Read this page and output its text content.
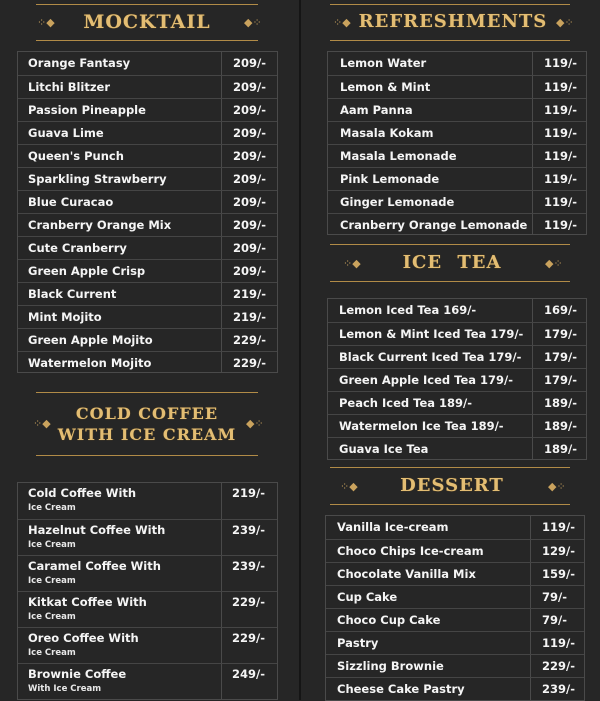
⁘◆	◆⁘
MOCKTAIL
Orange Fantasy	209/-
Litchi Blitzer	209/-
Passion Pineapple	209/-
Guava Lime	209/-
Queen's Punch	209/-
Sparkling Strawberry	209/-
Blue Curacao	209/-
Cranberry Orange Mix	209/-
Cute Cranberry	209/-
Green Apple Crisp	209/-
Black Current	219/-
Mint Mojito	219/-
Green Apple Mojito	229/-
Watermelon Mojito	229/-
⁘◆	◆⁘
COLD COFFEE
WITH ICE CREAM
Cold Coffee With
Ice Cream
219/-
Hazelnut Coffee With
Ice Cream
239/-
Caramel Coffee With
Ice Cream
239/-
Kitkat Coffee With
Ice Cream
229/-
Oreo Coffee With
Ice Cream
229/-
Brownie Coffee
With Ice Cream
249/-
⁘◆	◆⁘
REFRESHMENTS
Lemon Water	119/-
Lemon & Mint	119/-
Aam Panna	119/-
Masala Kokam	119/-
Masala Lemonade	119/-
Pink Lemonade	119/-
Ginger Lemonade	119/-
Cranberry Orange Lemonade 119/-
⁘◆	◆⁘
ICE TEA
Lemon Iced Tea 169/-	169/-
Lemon & Mint Iced Tea 179/- 179/-
Black Current Iced Tea 179/- 179/-
Green Apple Iced Tea 179/-	179/-
Peach Iced Tea 189/-	189/-
Watermelon Ice Tea 189/-	189/-
Guava Ice Tea	189/-
⁘◆	◆⁘
DESSERT
Vanilla Ice-cream	119/-
Choco Chips Ice-cream	129/-
Chocolate Vanilla Mix	159/-
Cup Cake	79/-
Choco Cup Cake	79/-
Pastry	119/-
Sizzling Brownie	229/-
Cheese Cake Pastry	239/-
